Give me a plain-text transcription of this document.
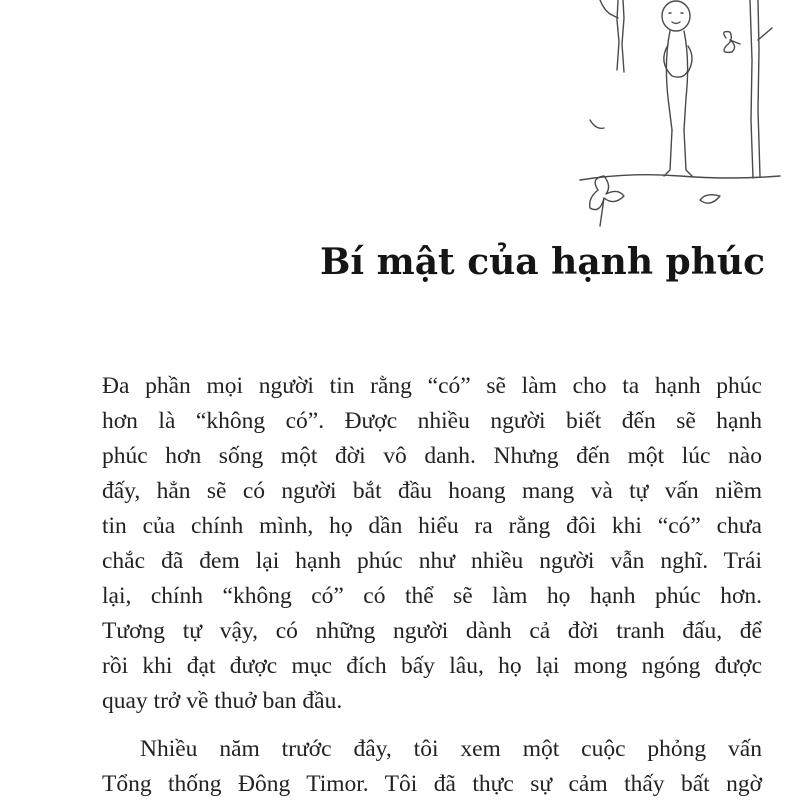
Bí mật của hạnh phúc
Đa phần mọi người tin rằng “có” sẽ làm cho ta hạnh phúc
hơn là “không có”. Được nhiều người biết đến sẽ hạnh
phúc hơn sống một đời vô danh. Nhưng đến một lúc nào
đấy, hẳn sẽ có người bắt đầu hoang mang và tự vấn niềm
tin của chính mình, họ dần hiểu ra rằng đôi khi “có” chưa
chắc đã đem lại hạnh phúc như nhiều người vẫn nghĩ. Trái
lại, chính “không có” có thể sẽ làm họ hạnh phúc hơn.
Tương tự vậy, có những người dành cả đời tranh đấu, để
rồi khi đạt được mục đích bấy lâu, họ lại mong ngóng được
quay trở về thuở ban đầu.
Nhiều năm trước đây, tôi xem một cuộc phỏng vấn
Tổng thống Đông Timor. Tôi đã thực sự cảm thấy bất ngờ
